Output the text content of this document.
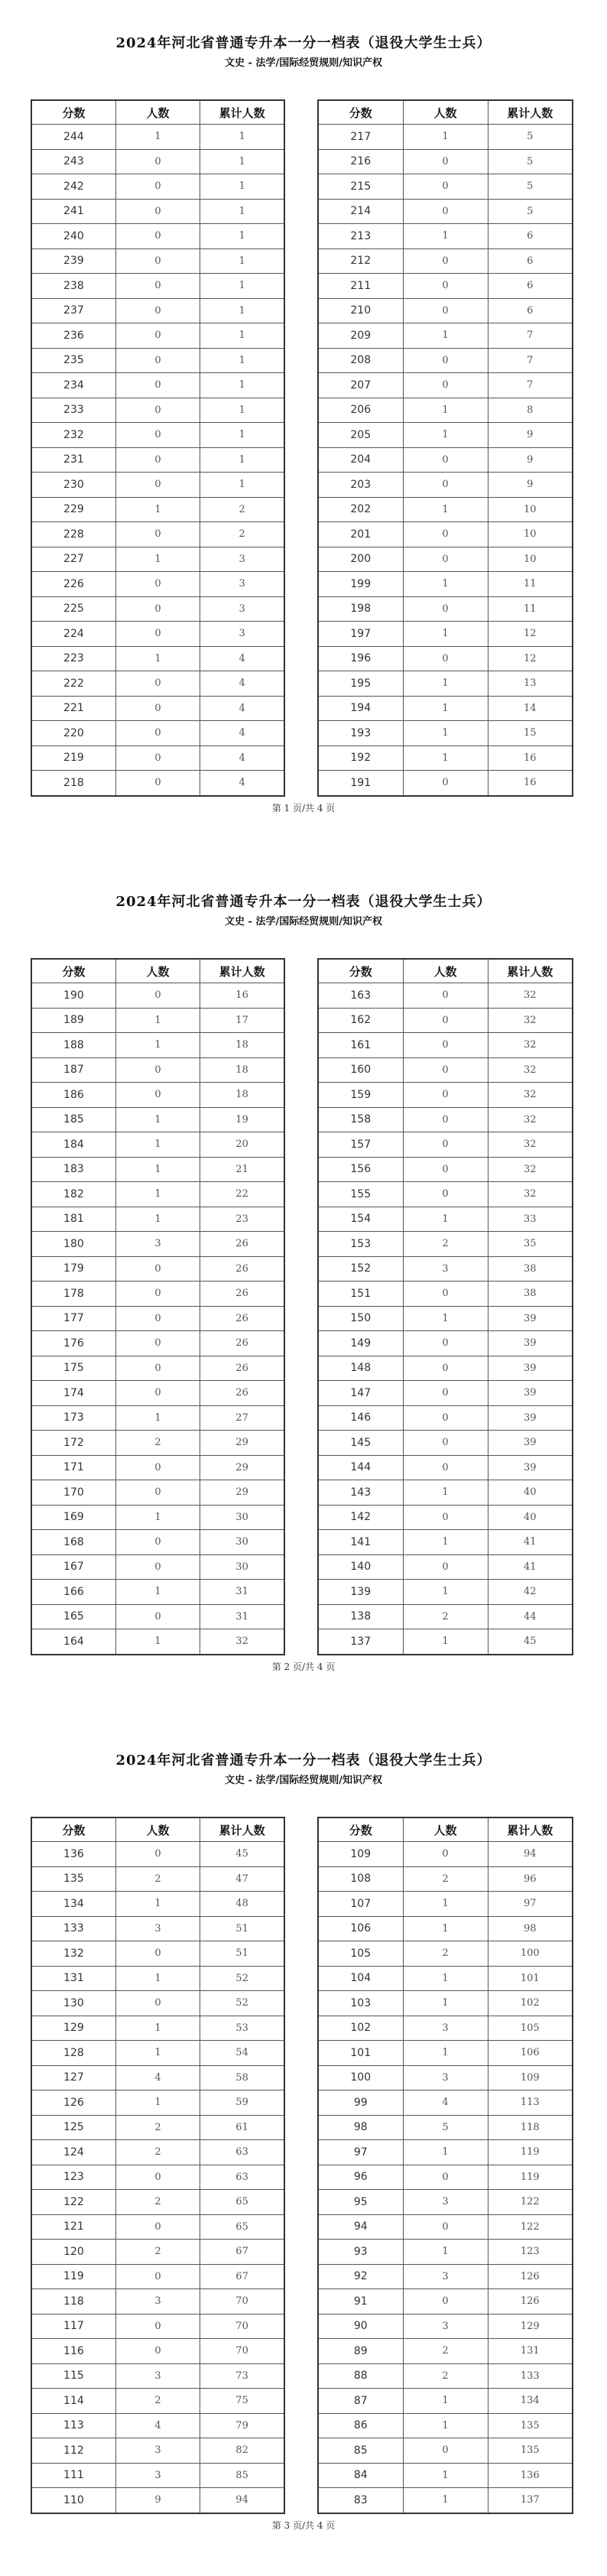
2024年河北省普通专升本一分一档表（退役大学生士兵）
文史 - 法学/国际经贸规则/知识产权
分数	人数	累计人数
244	1	1
243	0	1
242	0	1
241	0	1
240	0	1
239	0	1
238	0	1
237	0	1
236	0	1
235	0	1
234	0	1
233	0	1
232	0	1
231	0	1
230	0	1
229	1	2
228	0	2
227	1	3
226	0	3
225	0	3
224	0	3
223	1	4
222	0	4
221	0	4
220	0	4
219	0	4
218	0	4
分数	人数	累计人数
217	1	5
216	0	5
215	0	5
214	0	5
213	1	6
212	0	6
211	0	6
210	0	6
209	1	7
208	0	7
207	0	7
206	1	8
205	1	9
204	0	9
203	0	9
202	1	10
201	0	10
200	0	10
199	1	11
198	0	11
197	1	12
196	0	12
195	1	13
194	1	14
193	1	15
192	1	16
191	0	16
第 1 页/共 4 页
2024年河北省普通专升本一分一档表（退役大学生士兵）
文史 - 法学/国际经贸规则/知识产权
分数	人数	累计人数
190	0	16
189	1	17
188	1	18
187	0	18
186	0	18
185	1	19
184	1	20
183	1	21
182	1	22
181	1	23
180	3	26
179	0	26
178	0	26
177	0	26
176	0	26
175	0	26
174	0	26
173	1	27
172	2	29
171	0	29
170	0	29
169	1	30
168	0	30
167	0	30
166	1	31
165	0	31
164	1	32
分数	人数	累计人数
163	0	32
162	0	32
161	0	32
160	0	32
159	0	32
158	0	32
157	0	32
156	0	32
155	0	32
154	1	33
153	2	35
152	3	38
151	0	38
150	1	39
149	0	39
148	0	39
147	0	39
146	0	39
145	0	39
144	0	39
143	1	40
142	0	40
141	1	41
140	0	41
139	1	42
138	2	44
137	1	45
第 2 页/共 4 页
2024年河北省普通专升本一分一档表（退役大学生士兵）
文史 - 法学/国际经贸规则/知识产权
分数	人数	累计人数
136	0	45
135	2	47
134	1	48
133	3	51
132	0	51
131	1	52
130	0	52
129	1	53
128	1	54
127	4	58
126	1	59
125	2	61
124	2	63
123	0	63
122	2	65
121	0	65
120	2	67
119	0	67
118	3	70
117	0	70
116	0	70
115	3	73
114	2	75
113	4	79
112	3	82
111	3	85
110	9	94
分数	人数	累计人数
109	0	94
108	2	96
107	1	97
106	1	98
105	2	100
104	1	101
103	1	102
102	3	105
101	1	106
100	3	109
99	4	113
98	5	118
97	1	119
96	0	119
95	3	122
94	0	122
93	1	123
92	3	126
91	0	126
90	3	129
89	2	131
88	2	133
87	1	134
86	1	135
85	0	135
84	1	136
83	1	137
第 3 页/共 4 页
